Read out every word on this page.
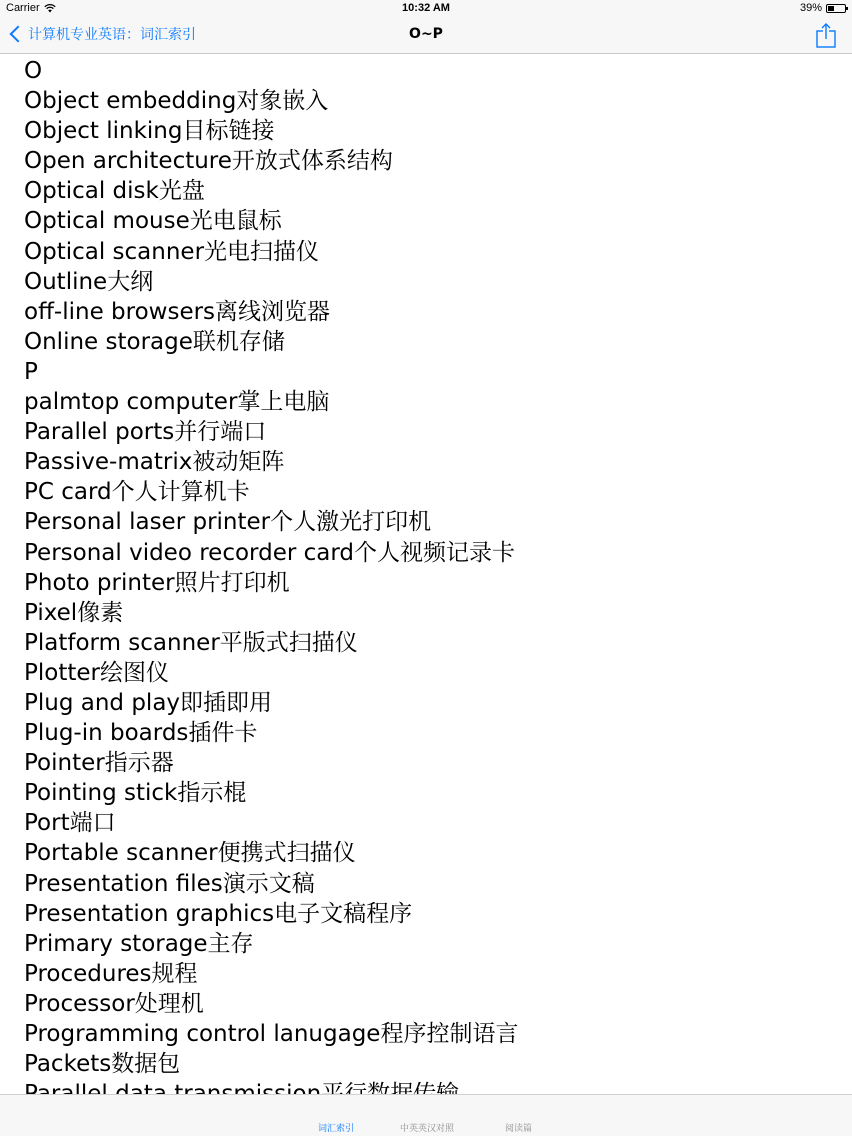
Carrier	10:32 AM	39%
计算机专业英语：词汇索引	O~P
O
Object embedding对象嵌入
Object linking目标链接
Open architecture开放式体系结构
Optical disk光盘
Optical mouse光电鼠标
Optical scanner光电扫描仪
Outline大纲
off-line browsers离线浏览器
Online storage联机存储
P
palmtop computer掌上电脑
Parallel ports并行端口
Passive-matrix被动矩阵
PC card个人计算机卡
Personal laser printer个人激光打印机
Personal video recorder card个人视频记录卡
Photo printer照片打印机
Pixel像素
Platform scanner平版式扫描仪
Plotter绘图仪
Plug and play即插即用
Plug-in boards插件卡
Pointer指示器
Pointing stick指示棍
Port端口
Portable scanner便携式扫描仪
Presentation files演示文稿
Presentation graphics电子文稿程序
Primary storage主存
Procedures规程
Processor处理机
Programming control lanugage程序控制语言
Packets数据包
词汇索引	中英英汉对照	阅读篇
